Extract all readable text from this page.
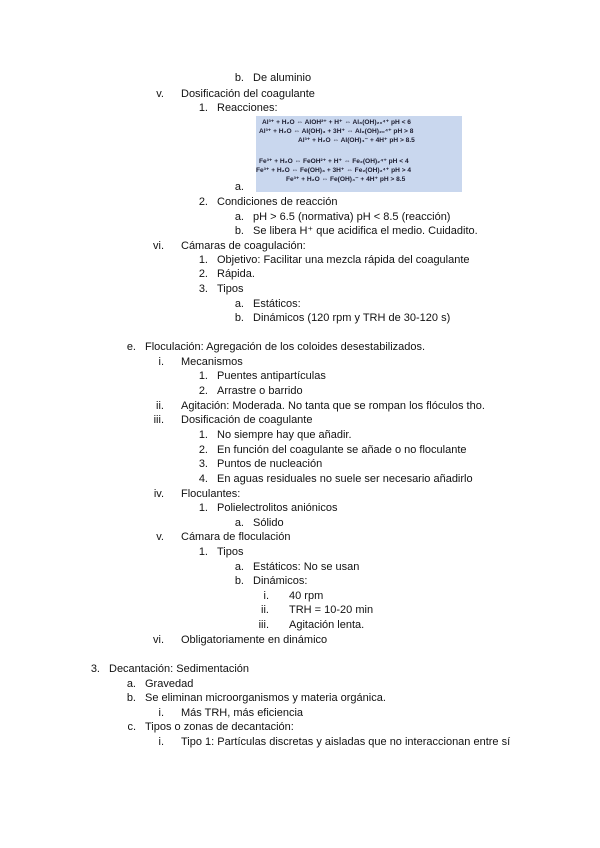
b. De aluminio
v. Dosificación del coagulante
1. Reacciones:
Al³⁺ + H₂O ⇔ AlOH²⁺ + H⁺ ⇔ Al₈(OH)₂₀⁴⁺ pH < 6
Al³⁺ + H₂O ⇔ Al(OH)₃ + 3H⁺ ⇔ Al₈(OH)₂₀⁴⁺ pH > 8
Al³⁺ + H₂O ⇔ Al(OH)₄⁻ + 4H⁺ pH > 8.5
Fe³⁺ + H₂O ⇔ FeOH²⁺ + H⁺ ⇔ Fe₂(OH)₂⁴⁺ pH < 4
Fe³⁺ + H₂O ⇔ Fe(OH)₃ + 3H⁺ ⇔ Fe₂(OH)₂⁴⁺ pH > 4
Fe³⁺ + H₂O ⇔ Fe(OH)₄⁻ + 4H⁺ pH > 8.5
a.
2. Condiciones de reacción
a. pH > 6.5 (normativa) pH < 8.5 (reacción)
b. Se libera H⁺ que acidifica el medio. Cuidadito.
vi. Cámaras de coagulación:
1. Objetivo: Facilitar una mezcla rápida del coagulante
2. Rápida.
3. Tipos
a. Estáticos:
b. Dinámicos (120 rpm y TRH de 30-120 s)
e. Floculación: Agregación de los coloides desestabilizados.
i. Mecanismos
1. Puentes antipartículas
2. Arrastre o barrido
ii. Agitación: Moderada. No tanta que se rompan los flóculos tho.
iii. Dosificación de coagulante
1. No siempre hay que añadir.
2. En función del coagulante se añade o no floculante
3. Puntos de nucleación
4. En aguas residuales no suele ser necesario añadirlo
iv. Floculantes:
1. Polielectrolitos aniónicos
a. Sólido
v. Cámara de floculación
1. Tipos
a. Estáticos: No se usan
b. Dinámicos:
i. 40 rpm
ii. TRH = 10-20 min
iii. Agitación lenta.
vi. Obligatoriamente en dinámico
3. Decantación: Sedimentación
a. Gravedad
b. Se eliminan microorganismos y materia orgánica.
i. Más TRH, más eficiencia
c. Tipos o zonas de decantación:
i. Tipo 1: Partículas discretas y aisladas que no interaccionan entre sí
